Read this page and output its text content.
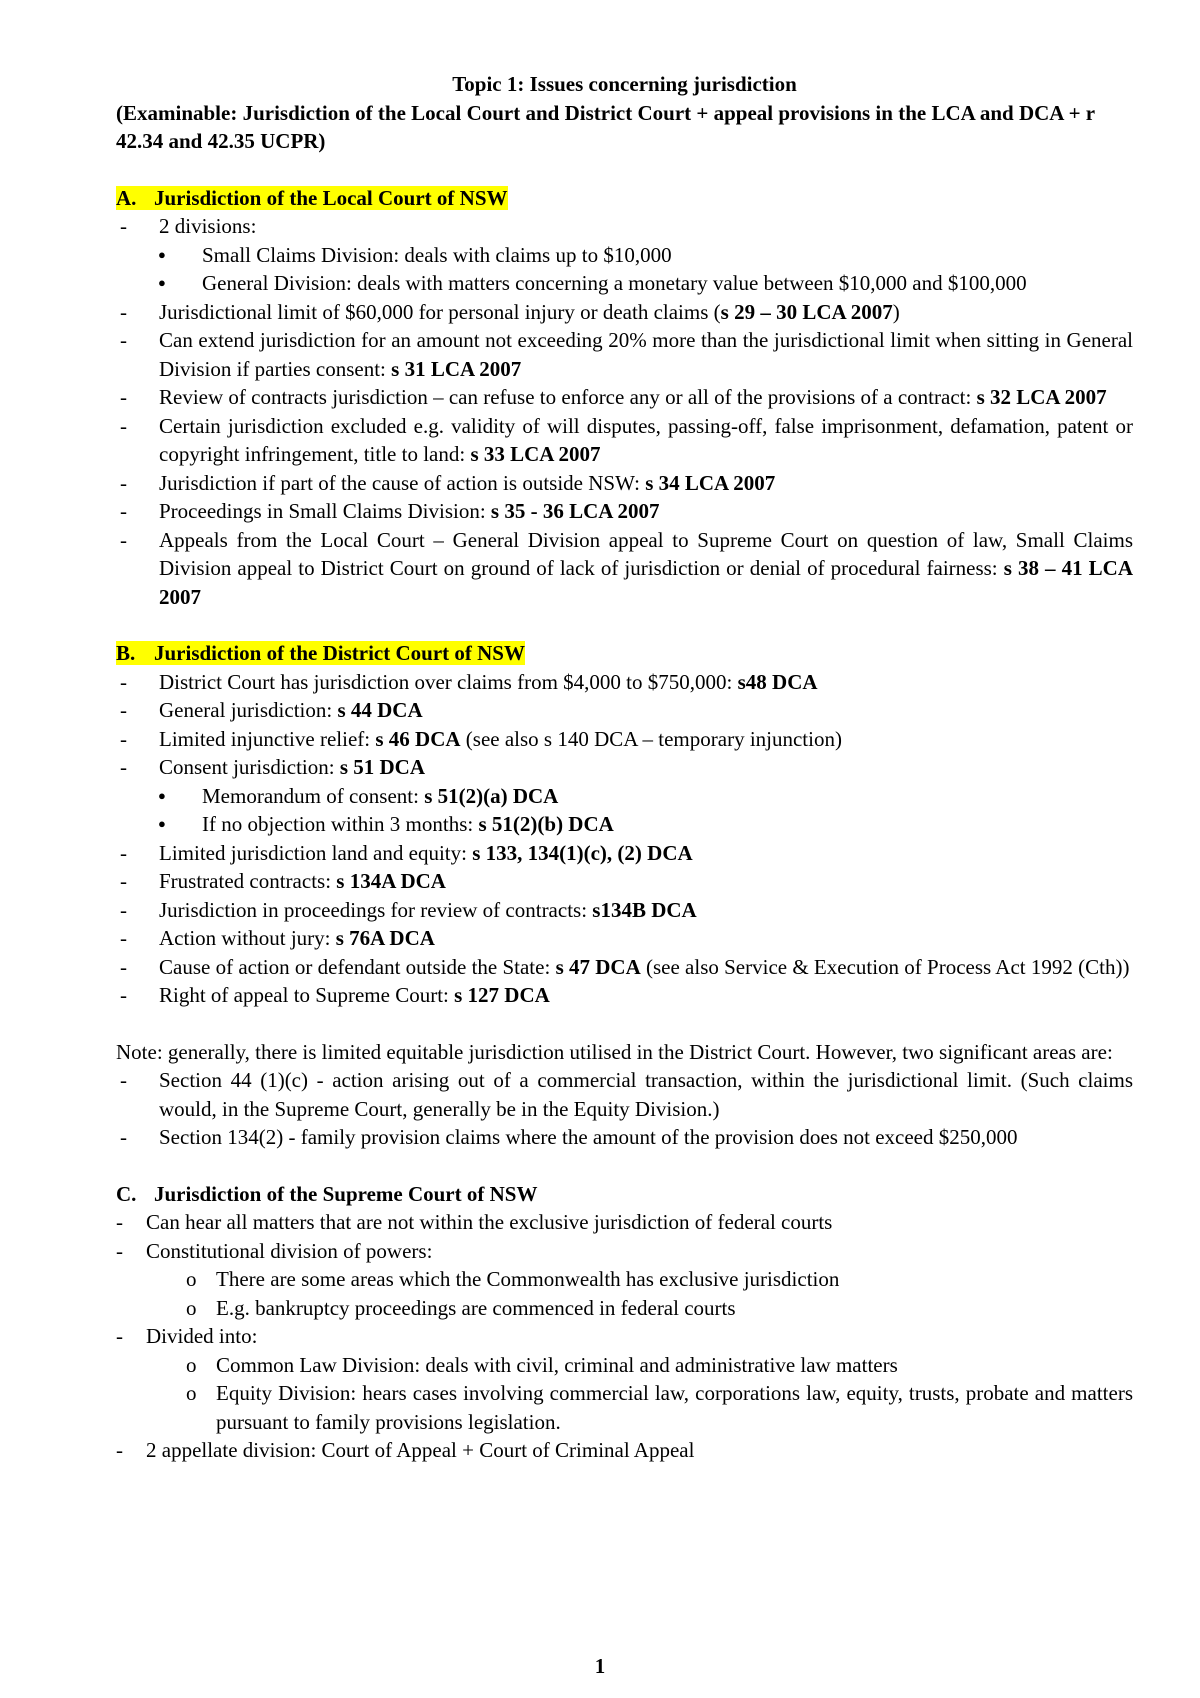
Topic 1: Issues concerning jurisdiction
(Examinable: Jurisdiction of the Local Court and District Court + appeal provisions in the LCA and DCA + r 42.34 and 42.35 UCPR)
A. Jurisdiction of the Local Court of NSW
- 2 divisions:
● Small Claims Division: deals with claims up to $10,000
● General Division: deals with matters concerning a monetary value between $10,000 and $100,000
- Jurisdictional limit of $60,000 for personal injury or death claims (s 29 – 30 LCA 2007)
- Can extend jurisdiction for an amount not exceeding 20% more than the jurisdictional limit when sitting in General Division if parties consent: s 31 LCA 2007
- Review of contracts jurisdiction – can refuse to enforce any or all of the provisions of a contract: s 32 LCA 2007
- Certain jurisdiction excluded e.g. validity of will disputes, passing-off, false imprisonment, defamation, patent or copyright infringement, title to land: s 33 LCA 2007
- Jurisdiction if part of the cause of action is outside NSW: s 34 LCA 2007
- Proceedings in Small Claims Division: s 35 - 36 LCA 2007
- Appeals from the Local Court – General Division appeal to Supreme Court on question of law, Small Claims Division appeal to District Court on ground of lack of jurisdiction or denial of procedural fairness: s 38 – 41 LCA 2007
B. Jurisdiction of the District Court of NSW
- District Court has jurisdiction over claims from $4,000 to $750,000: s48 DCA
- General jurisdiction: s 44 DCA
- Limited injunctive relief: s 46 DCA (see also s 140 DCA – temporary injunction)
- Consent jurisdiction: s 51 DCA
● Memorandum of consent: s 51(2)(a) DCA
● If no objection within 3 months: s 51(2)(b) DCA
- Limited jurisdiction land and equity: s 133, 134(1)(c), (2) DCA
- Frustrated contracts: s 134A DCA
- Jurisdiction in proceedings for review of contracts: s134B DCA
- Action without jury: s 76A DCA
- Cause of action or defendant outside the State: s 47 DCA (see also Service & Execution of Process Act 1992 (Cth))
- Right of appeal to Supreme Court: s 127 DCA
Note: generally, there is limited equitable jurisdiction utilised in the District Court. However, two significant areas are:
- Section 44 (1)(c) - action arising out of a commercial transaction, within the jurisdictional limit. (Such claims would, in the Supreme Court, generally be in the Equity Division.)
- Section 134(2) - family provision claims where the amount of the provision does not exceed $250,000
C. Jurisdiction of the Supreme Court of NSW
- Can hear all matters that are not within the exclusive jurisdiction of federal courts
- Constitutional division of powers:
o There are some areas which the Commonwealth has exclusive jurisdiction
o E.g. bankruptcy proceedings are commenced in federal courts
- Divided into:
o Common Law Division: deals with civil, criminal and administrative law matters
o Equity Division: hears cases involving commercial law, corporations law, equity, trusts, probate and matters pursuant to family provisions legislation.
- 2 appellate division: Court of Appeal + Court of Criminal Appeal
1
